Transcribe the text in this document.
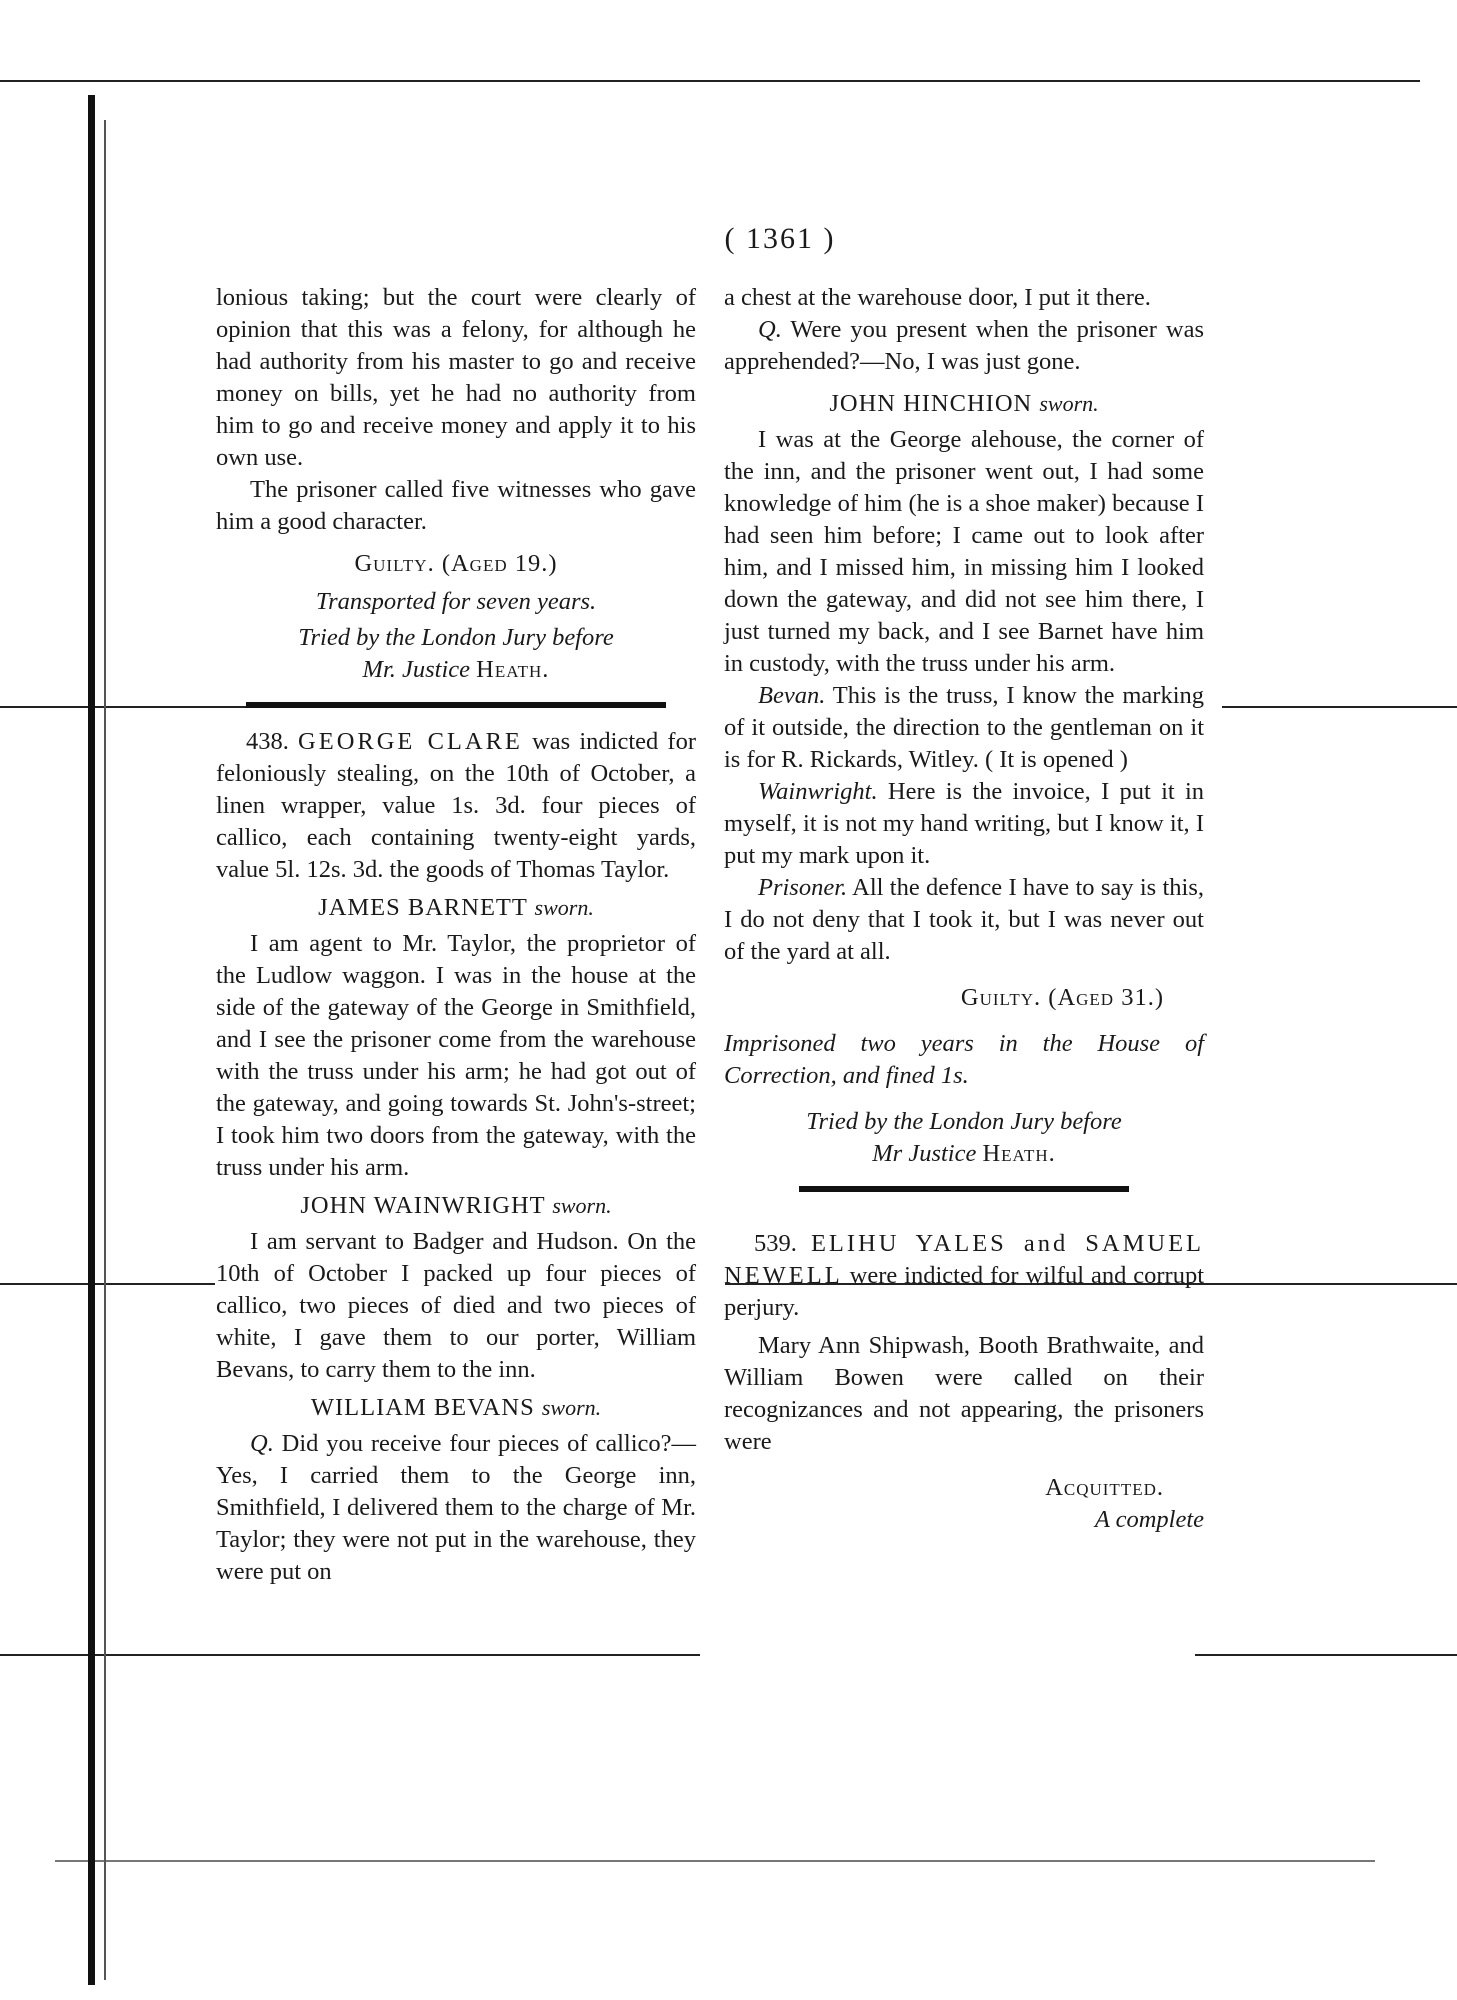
( 1361 )

lonious taking; but the court were clearly of opinion that this was a felony, for although he had authority from his master to go and receive money on bills, yet he had no authority from him to go and receive money and apply it to his own use.

The prisoner called five witnesses who gave him a good character.

Guilty. (Aged 19.)

Transported for seven years.

Tried by the London Jury before

Mr. Justice Heath.

438. GEORGE CLARE was indicted for feloniously stealing, on the 10th of October, a linen wrapper, value 1s. 3d. four pieces of callico, each containing twenty-eight yards, value 5l. 12s. 3d. the goods of Thomas Taylor.

JAMES BARNETT sworn.

I am agent to Mr. Taylor, the proprietor of the Ludlow waggon. I was in the house at the side of the gateway of the George in Smithfield, and I see the prisoner come from the warehouse with the truss under his arm; he had got out of the gateway, and going towards St. John's-street; I took him two doors from the gateway, with the truss under his arm.

JOHN WAINWRIGHT sworn.

I am servant to Badger and Hudson. On the 10th of October I packed up four pieces of callico, two pieces of died and two pieces of white, I gave them to our porter, William Bevans, to carry them to the inn.

WILLIAM BEVANS sworn.

Q. Did you receive four pieces of callico?—Yes, I carried them to the George inn, Smithfield, I delivered them to the charge of Mr. Taylor; they were not put in the warehouse, they were put on

a chest at the warehouse door, I put it there.

Q. Were you present when the prisoner was apprehended?—No, I was just gone.

JOHN HINCHION sworn.

I was at the George alehouse, the corner of the inn, and the prisoner went out, I had some knowledge of him (he is a shoe maker) because I had seen him before; I came out to look after him, and I missed him, in missing him I looked down the gateway, and did not see him there, I just turned my back, and I see Barnet have him in custody, with the truss under his arm.

Bevan. This is the truss, I know the marking of it outside, the direction to the gentleman on it is for R. Rickards, Witley. ( It is opened )

Wainwright. Here is the invoice, I put it in myself, it is not my hand writing, but I know it, I put my mark upon it.

Prisoner. All the defence I have to say is this, I do not deny that I took it, but I was never out of the yard at all.

Guilty. (Aged 31.)

Imprisoned two years in the House of Correction, and fined 1s.

Tried by the London Jury before

Mr Justice Heath.

539. ELIHU YALES and SAMUEL NEWELL were indicted for wilful and corrupt perjury.

Mary Ann Shipwash, Booth Brathwaite, and William Bowen were called on their recognizances and not appearing, the prisoners were

Acquitted.

A complete
